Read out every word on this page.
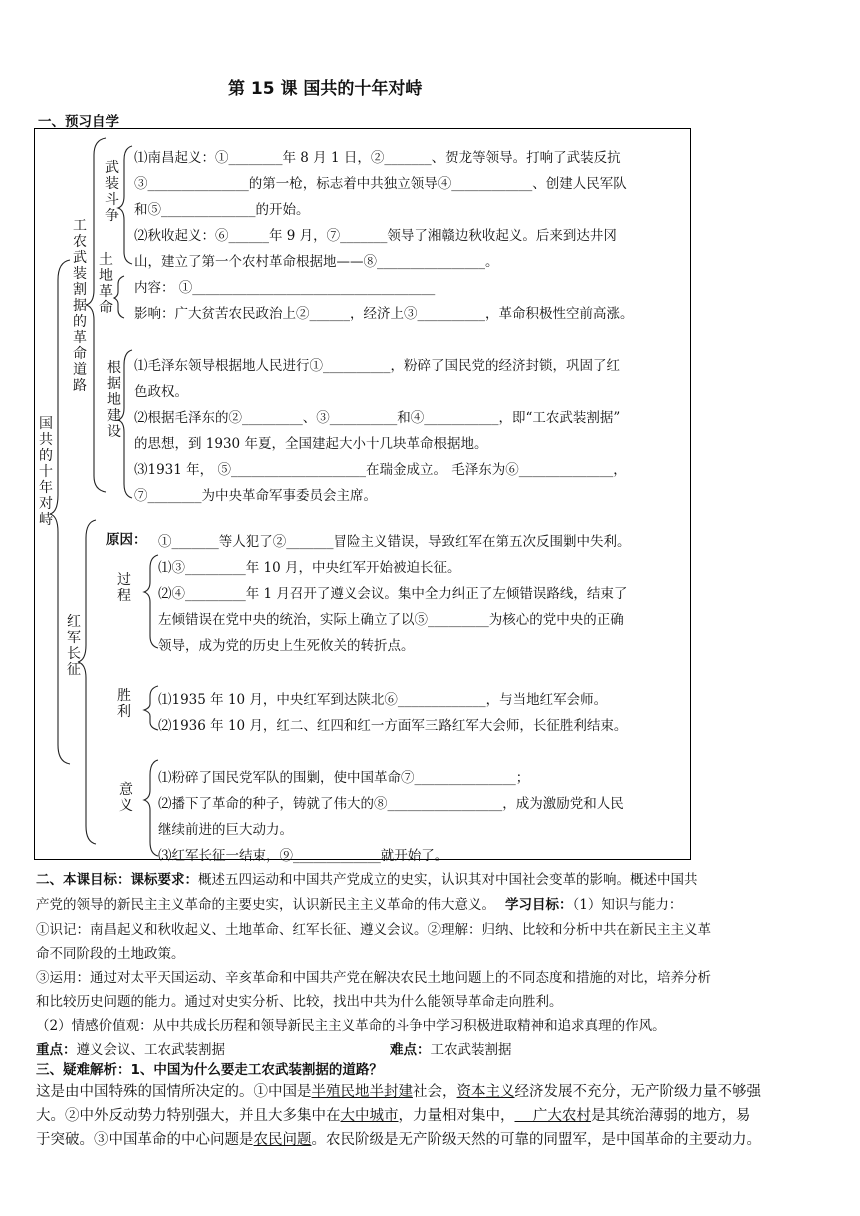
第 15 课 国共的十年对峙
一、预习自学
国共的十年对峙
工农武装割据的革命道路
武装斗争
土地革命
根据地建设
红军长征
过程
胜利
意义
⑴南昌起义：①________年 8 月 1 日，②_______、贺龙等领导。打响了武装反抗
③_______________的第一枪，标志着中共独立领导④____________、创建人民军队
和⑤______________的开始。
⑵秋收起义：⑥______年 9 月，⑦_______领导了湘赣边秋收起义。后来到达井冈
山，建立了第一个农村革命根据地——⑧________________。
内容： ①____________________________________
影响：广大贫苦农民政治上②______，经济上③__________，革命积极性空前高涨。
⑴毛泽东领导根据地人民进行①__________，粉碎了国民党的经济封锁，巩固了红
色政权。
⑵根据毛泽东的②_________、③__________和④___________，即“工农武装割据”
的思想，到 1930 年夏，全国建起大小十几块革命根据地。
⑶1931 年， ⑤____________________在瑞金成立。 毛泽东为⑥______________，
⑦________为中央革命军事委员会主席。
原因： ①_______等人犯了②_______冒险主义错误，导致红军在第五次反围剿中失利。
⑴③_________年 10 月，中央红军开始被迫长征。
⑵④_________年 1 月召开了遵义会议。集中全力纠正了左倾错误路线，结束了
左倾错误在党中央的统治，实际上确立了以⑤_________为核心的党中央的正确
领导，成为党的历史上生死攸关的转折点。
⑴1935 年 10 月，中央红军到达陕北⑥_____________，与当地红军会师。
⑵1936 年 10 月，红二、红四和红一方面军三路红军大会师，长征胜利结束。
⑴粉碎了国民党军队的围剿，使中国革命⑦_______________；
⑵播下了革命的种子，铸就了伟大的⑧_________________，成为激励党和人民
继续前进的巨大动力。
⑶红军长征一结束，⑨_____________就开始了。
二、本课目标：课标要求：概述五四运动和中国共产党成立的史实，认识其对中国社会变革的影响。概述中国共
产党的领导的新民主主义革命的主要史实，认识新民主主义革命的伟大意义。 学习目标：（1）知识与能力：
①识记：南昌起义和秋收起义、土地革命、红军长征、遵义会议。②理解：归纳、比较和分析中共在新民主主义革
命不同阶段的土地政策。
③运用：通过对太平天国运动、辛亥革命和中国共产党在解决农民土地问题上的不同态度和措施的对比，培养分析
和比较历史问题的能力。通过对史实分析、比较，找出中共为什么能领导革命走向胜利。
（2）情感价值观：从中共成长历程和领导新民主主义革命的斗争中学习积极进取精神和追求真理的作风。
重点：遵义会议、工农武装割据	难点：工农武装割据
三、疑难解析：1、中国为什么要走工农武装割据的道路？
这是由中国特殊的国情所决定的。①中国是半殖民地半封建社会，资本主义经济发展不充分，无产阶级力量不够强
大。②中外反动势力特别强大，并且大多集中在大中城市，力量相对集中，    广大农村是其统治薄弱的地方，易
于突破。③中国革命的中心问题是农民问题。农民阶级是无产阶级天然的可靠的同盟军，是中国革命的主要动力。
